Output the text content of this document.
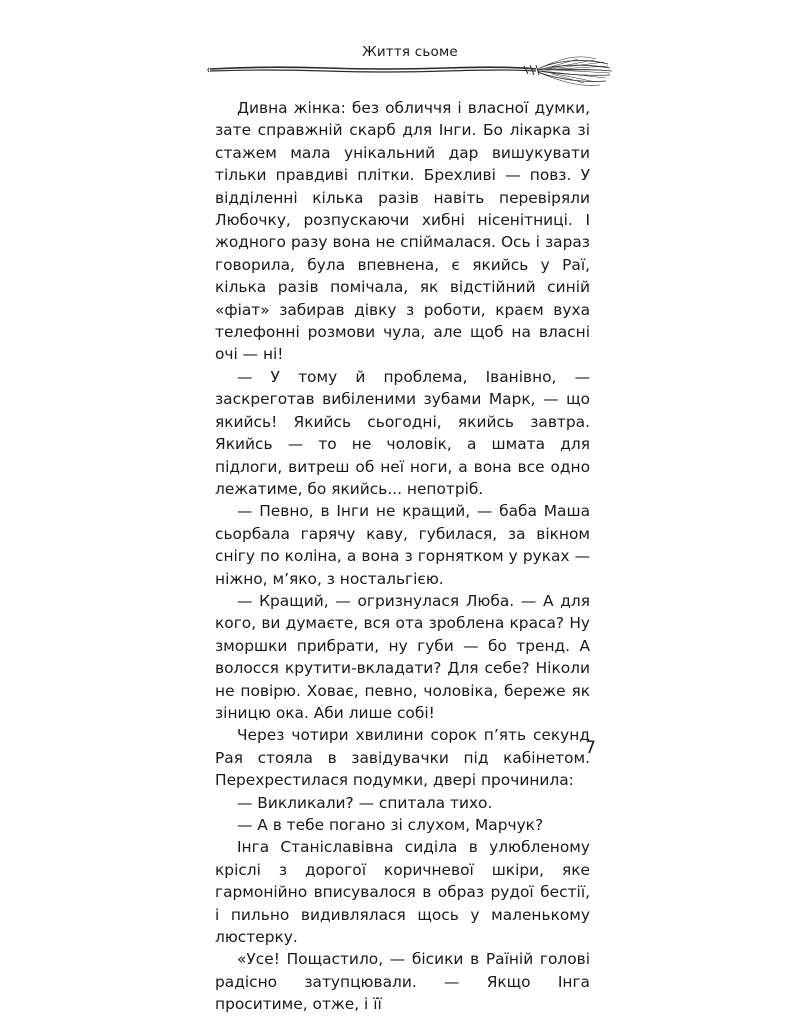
Життя сьоме

Дивна жінка: без обличчя і власної думки, зате справжній скарб для Інги. Бо лікарка зі стажем мала унікальний дар вишукувати тільки правдиві плітки. Брехливі — повз. У відділенні кілька разів навіть перевіряли Любочку, розпускаючи хибні нісенітниці. І жодного разу вона не спіймалася. Ось і зараз говорила, була впевнена, є якийсь у Раї, кілька разів помічала, як відстійний синій «фіат» забирав дівку з роботи, краєм вуха телефонні розмови чула, але щоб на власні очі — ні!

— У тому й проблема, Іванівно, — заскреготав вибіленими зубами Марк, — що якийсь! Якийсь сьогодні, якийсь завтра. Якийсь — то не чоловік, а шмата для підлоги, витреш об неї ноги, а вона все одно лежатиме, бо якийсь... непотріб.

— Певно, в Інги не кращий, — баба Маша сьорбала гарячу каву, губилася, за вікном снігу по коліна, а вона з горнятком у руках — ніжно, м’яко, з ностальгією.

— Кращий, — огризнулася Люба. — А для кого, ви думаєте, вся ота зроблена краса? Ну зморшки прибрати, ну губи — бо тренд. А волосся крутити-вкладати? Для себе? Ніколи не повірю. Ховає, певно, чоловіка, береже як зіницю ока. Аби лише собі!

Через чотири хвилини сорок п’ять секунд Рая стояла в завідувачки під кабінетом. Перехрестилася подумки, двері прочинила:

— Викликали? — спитала тихо.

— А в тебе погано зі слухом, Марчук?

Інга Станіславівна сиділа в улюбленому кріслі з дорогої коричневої шкіри, яке гармонійно вписувалося в образ рудої бестії, і пильно видивлялася щось у маленькому люстерку.

«Усе! Пощастило, — бісики в Раїній голові радісно затупцювали. — Якщо Інга проситиме, отже, і її

7
